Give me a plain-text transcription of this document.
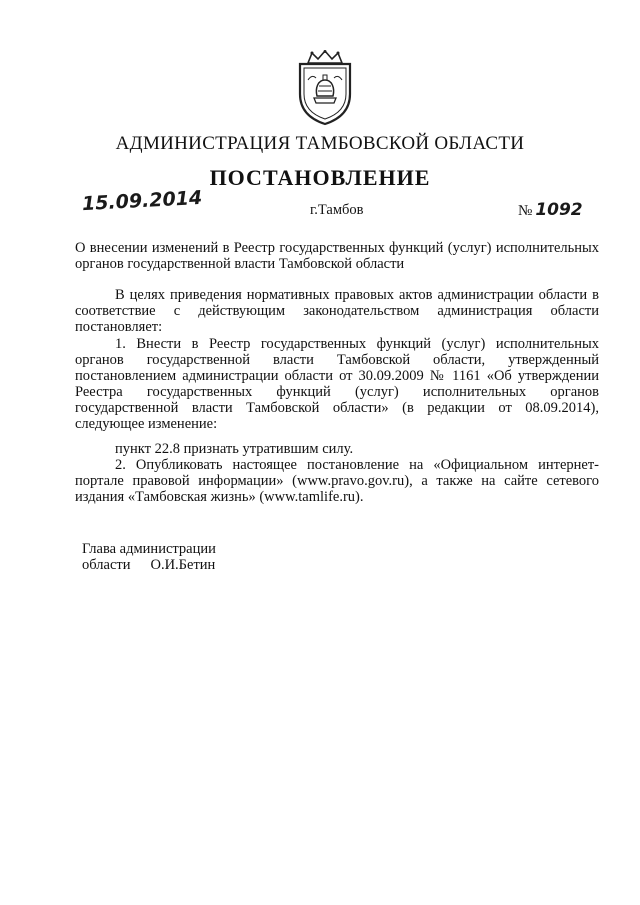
АДМИНИСТРАЦИЯ ТАМБОВСКОЙ ОБЛАСТИ
ПОСТАНОВЛЕНИЕ
15.09.2014	г.Тамбов	№ 1092

О внесении изменений в Реестр государственных функций (услуг) исполнительных органов государственной власти Тамбовской области

В целях приведения нормативных правовых актов администрации области в соответствие с действующим законодательством администрация области постановляет:

1. Внести в Реестр государственных функций (услуг) исполнительных органов государственной власти Тамбовской области, утвержденный постановлением администрации области от 30.09.2009 № 1161 «Об утверждении Реестра государственных функций (услуг) исполнительных органов государственной власти Тамбовской области» (в редакции от 08.09.2014), следующее изменение:

пункт 22.8 признать утратившим силу.

2. Опубликовать настоящее постановление на «Официальном интернет-портале правовой информации» (www.pravo.gov.ru), а также на сайте сетевого издания «Тамбовская жизнь» (www.tamlife.ru).

Глава администрации
области О.И.Бетин
